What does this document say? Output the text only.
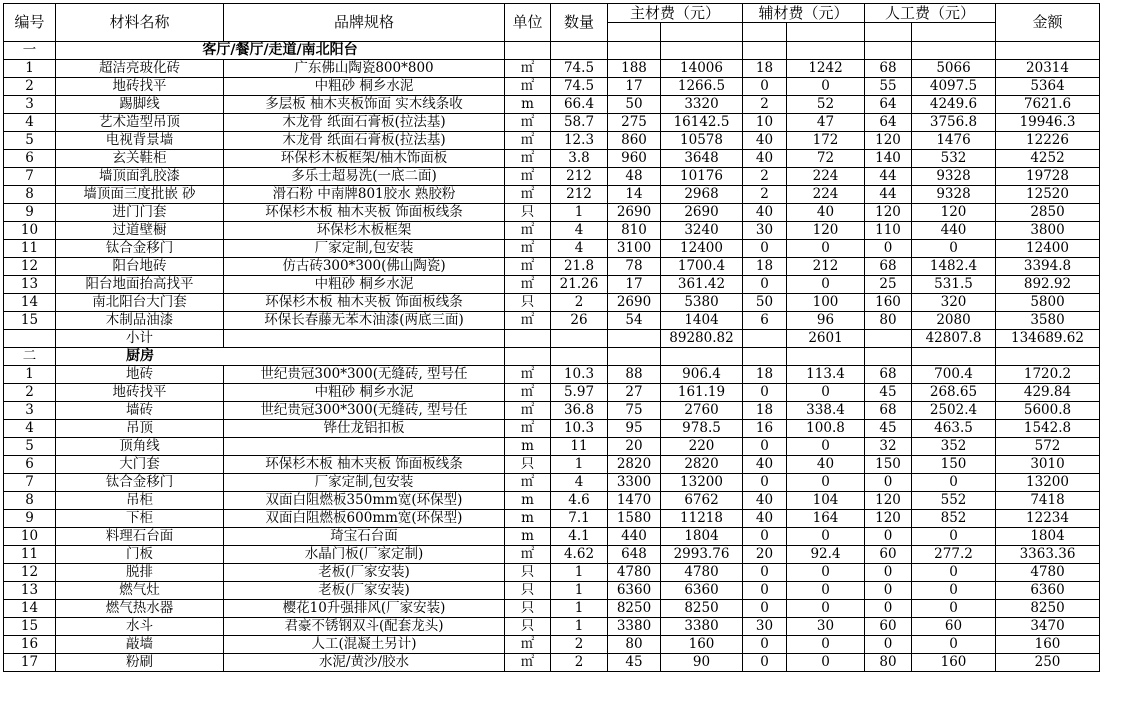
编号	材料名称	品牌规格	单位	数量	主材费（元）		辅材费（元）		人工费（元）		金额

一	客厅/餐厅/走道/南北阳台										
1	超洁亮玻化砖	广东佛山陶瓷800*800	㎡	74.5	188	14006	18	1242	68	5066	20314
2	地砖找平	中粗砂 桐乡水泥	㎡	74.5	17	1266.5	0	0	55	4097.5	5364
3	踢脚线	多层板 柚木夹板饰面 实木线条收	m	66.4	50	3320	2	52	64	4249.6	7621.6
4	艺术造型吊顶	木龙骨 纸面石膏板(拉法基)	㎡	58.7	275	16142.5	10	47	64	3756.8	19946.3
5	电视背景墙	木龙骨 纸面石膏板(拉法基)	㎡	12.3	860	10578	40	172	120	1476	12226
6	玄关鞋柜	环保杉木板框架/柚木饰面板	㎡	3.8	960	3648	40	72	140	532	4252
7	墙顶面乳胶漆	多乐士超易洗(一底二面)	㎡	212	48	10176	2	224	44	9328	19728
8	墙顶面三度批嵌 砂	滑石粉 中南牌801胶水 熟胶粉	㎡	212	14	2968	2	224	44	9328	12520
9	进门门套	环保杉木板 柚木夹板 饰面板线条	只	1	2690	2690	40	40	120	120	2850
10	过道壁橱	环保杉木板框架	㎡	4	810	3240	30	120	110	440	3800
11	钛合金移门	厂家定制,包安装	㎡	4	3100	12400	0	0	0	0	12400
12	阳台地砖	仿古砖300*300(佛山陶瓷)	㎡	21.8	78	1700.4	18	212	68	1482.4	3394.8
13	阳台地面抬高找平	中粗砂 桐乡水泥	㎡	21.26	17	361.42	0	0	25	531.5	892.92
14	南北阳台大门套	环保杉木板 柚木夹板 饰面板线条	只	2	2690	5380	50	100	160	320	5800
15	木制品油漆	环保长春藤无苯木油漆(两底三面)	㎡	26	54	1404	6	96	80	2080	3580
	小计					89280.82		2601		42807.8	134689.62
二	厨房										
1	地砖	世纪贵冠300*300(无缝砖, 型号任	㎡	10.3	88	906.4	18	113.4	68	700.4	1720.2
2	地砖找平	中粗砂 桐乡水泥	㎡	5.97	27	161.19	0	0	45	268.65	429.84
3	墙砖	世纪贵冠300*300(无缝砖, 型号任	㎡	36.8	75	2760	18	338.4	68	2502.4	5600.8
4	吊顶	铧仕龙铝扣板	㎡	10.3	95	978.5	16	100.8	45	463.5	1542.8
5	顶角线		m	11	20	220	0	0	32	352	572
6	大门套	环保杉木板 柚木夹板 饰面板线条	只	1	2820	2820	40	40	150	150	3010
7	钛合金移门	厂家定制,包安装	㎡	4	3300	13200	0	0	0	0	13200
8	吊柜	双面白阻燃板350mm宽(环保型)	m	4.6	1470	6762	40	104	120	552	7418
9	下柜	双面白阻燃板600mm宽(环保型)	m	7.1	1580	11218	40	164	120	852	12234
10	料理石台面	琦宝石台面	m	4.1	440	1804	0	0	0	0	1804
11	门板	水晶门板(厂家定制)	㎡	4.62	648	2993.76	20	92.4	60	277.2	3363.36
12	脱排	老板(厂家安装)	只	1	4780	4780	0	0	0	0	4780
13	燃气灶	老板(厂家安装)	只	1	6360	6360	0	0	0	0	6360
14	燃气热水器	樱花10升强排风(厂家安装)	只	1	8250	8250	0	0	0	0	8250
15	水斗	君豪不锈钢双斗(配套龙头)	只	1	3380	3380	30	30	60	60	3470
16	敲墙	人工(混凝土另计)	㎡	2	80	160	0	0	0	0	160
17	粉刷	水泥/黄沙/胶水	㎡	2	45	90	0	0	80	160	250
